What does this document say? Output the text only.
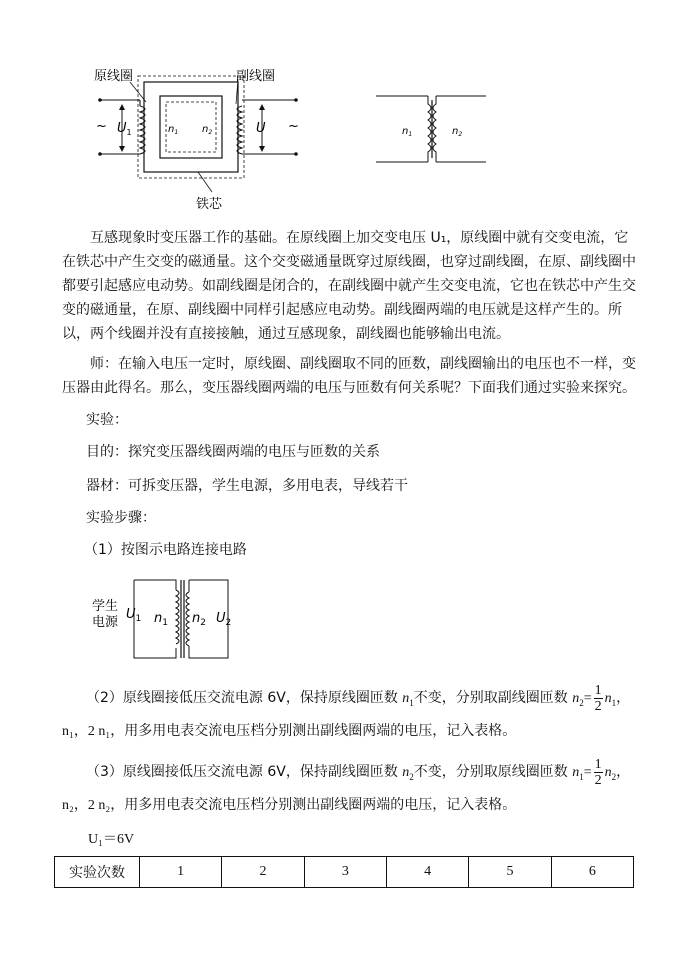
原线圈	副线圈
铁芯
~	~
$U_1$	U
$n_1$ $n_2$	$n_1$	$n_2$
互感现象时变压器工作的基础。在原线圈上加交变电压 U₁，原线圈中就有交变电流，它在铁芯中产生交变的磁通量。这个交变磁通量既穿过原线圈，也穿过副线圈，在原、副线圈中都要引起感应电动势。如副线圈是闭合的，在副线圈中就产生交变电流，它也在铁芯中产生交变的磁通量，在原、副线圈中同样引起感应电动势。副线圈两端的电压就是这样产生的。所以，两个线圈并没有直接接触，通过互感现象，副线圈也能够输出电流。
师：在输入电压一定时，原线圈、副线圈取不同的匝数，副线圈输出的电压也不一样，变压器由此得名。那么，变压器线圈两端的电压与匝数有何关系呢？下面我们通过实验来探究。
实验：
目的：探究变压器线圈两端的电压与匝数的关系
器材：可拆变压器，学生电源，多用电表，导线若干
实验步骤：
（1）按图示电路连接电路
学生
电源
$U_1$ $n_1$ $n_2$ $U_2$
（2）原线圈接低压交流电源 6V，保持原线圈匝数 $n_1$不变，分别取副线圈匝数 $n_2= \frac{1}{2} n_1$，
n₁，2 n₁，用多用电表交流电压档分别测出副线圈两端的电压，记入表格。
（3）原线圈接低压交流电源 6V，保持副线圈匝数 $n_2$不变，分别取原线圈匝数 $n_1= \frac{1}{2} n_2$，
n₂，2 n₂，用多用电表交流电压档分别测出副线圈两端的电压，记入表格。
U₁＝6V
实验次数	1	2	3	4	5	6
